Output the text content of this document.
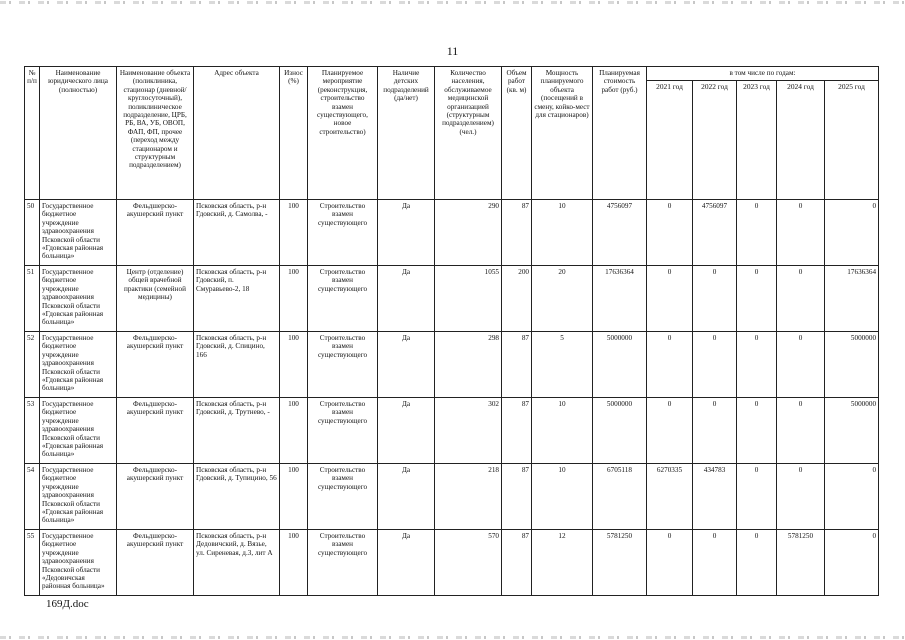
11
№
п/п	Наименование юридического лица (полностью)	Наименование объекта (поликлиника, стационар (дневной/ круглосуточный), поликлиническое подразделение, ЦРБ, РБ, ВА, УБ, ОВОП, ФАП, ФП, прочее (переход между стационаром и структурным подразделением)	Адрес объекта	Износ (%)	Планируемое мероприятие (реконструкция, строительство взамен существующего, новое строительство)	Наличие детских подразделений (да/нет)	Количество населения, обслуживаемое медицинской организацией (структурным подразделением) (чел.)	Объем работ (кв. м)	Мощность планируемого объекта (посещений в смену, койко-мест для стационаров)	Планируемая стоимость работ (руб.)	в том числе по годам:				
											2021 год	2022 год	2023 год	2024 год	2025 год
50	Государственное бюджетное учреждение здравоохранения Псковской области «Гдовская районная больница»	Фельдшерско-акушерский пункт	Псковская область, р-н Гдовский, д. Самолва, -	100	Строительство взамен существующего	Да	290	87	10	4756097	0	4756097	0	0	0
51	Государственное бюджетное учреждение здравоохранения Псковской области «Гдовская районная больница»	Центр (отделение) общей врачебной практики (семейной медицины)	Псковская область, р-н Гдовский, п. Смуравьево-2, 18	100	Строительство взамен существующего	Да	1055	200	20	17636364	0	0	0	0	17636364
52	Государственное бюджетное учреждение здравоохранения Псковской области «Гдовская районная больница»	Фельдшерско-акушерский пункт	Псковская область, р-н Гдовский, д. Спицино, 166	100	Строительство взамен существующего	Да	298	87	5	5000000	0	0	0	0	5000000
53	Государственное бюджетное учреждение здравоохранения Псковской области «Гдовская районная больница»	Фельдшерско-акушерский пункт	Псковская область, р-н Гдовский, д. Трутнево, -	100	Строительство взамен существующего	Да	302	87	10	5000000	0	0	0	0	5000000
54	Государственное бюджетное учреждение здравоохранения Псковской области «Гдовская районная больница»	Фельдшерско-акушерский пункт	Псковская область, р-н Гдовский, д. Тупицино, 56	100	Строительство взамен существующего	Да	218	87	10	6705118	6270335	434783	0	0	0
55	Государственное бюджетное учреждение здравоохранения Псковской области «Дедовичская районная больница»	Фельдшерско-акушерский пункт	Псковская область, р-н Дедовичский, д. Вязье, ул. Сиреневая, д.3, лит А	100	Строительство взамен существующего	Да	570	87	12	5781250	0	0	0	5781250	0
169Д.doc
